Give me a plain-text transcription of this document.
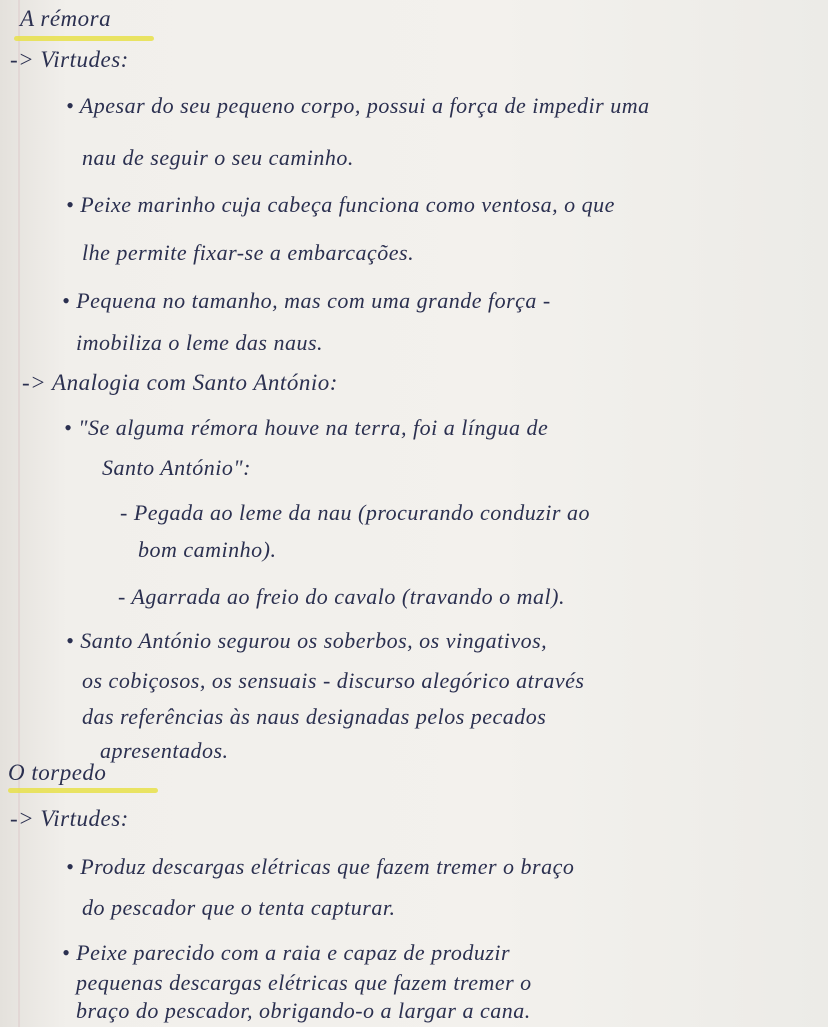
A rémora
-> Virtudes:
• Apesar do seu pequeno corpo, possui a força de impedir uma
nau de seguir o seu caminho.
• Peixe marinho cuja cabeça funciona como ventosa, o que
lhe permite fixar-se a embarcações.
• Pequena no tamanho, mas com uma grande força -
imobiliza o leme das naus.
-> Analogia com Santo António:
• "Se alguma rémora houve na terra, foi a língua de
Santo António":
- Pegada ao leme da nau (procurando conduzir ao
bom caminho).
- Agarrada ao freio do cavalo (travando o mal).
• Santo António segurou os soberbos, os vingativos,
os cobiçosos, os sensuais - discurso alegórico através
das referências às naus designadas pelos pecados
apresentados.
O torpedo
-> Virtudes:
• Produz descargas elétricas que fazem tremer o braço
do pescador que o tenta capturar.
• Peixe parecido com a raia e capaz de produzir
pequenas descargas elétricas que fazem tremer o
braço do pescador, obrigando-o a largar a cana.
